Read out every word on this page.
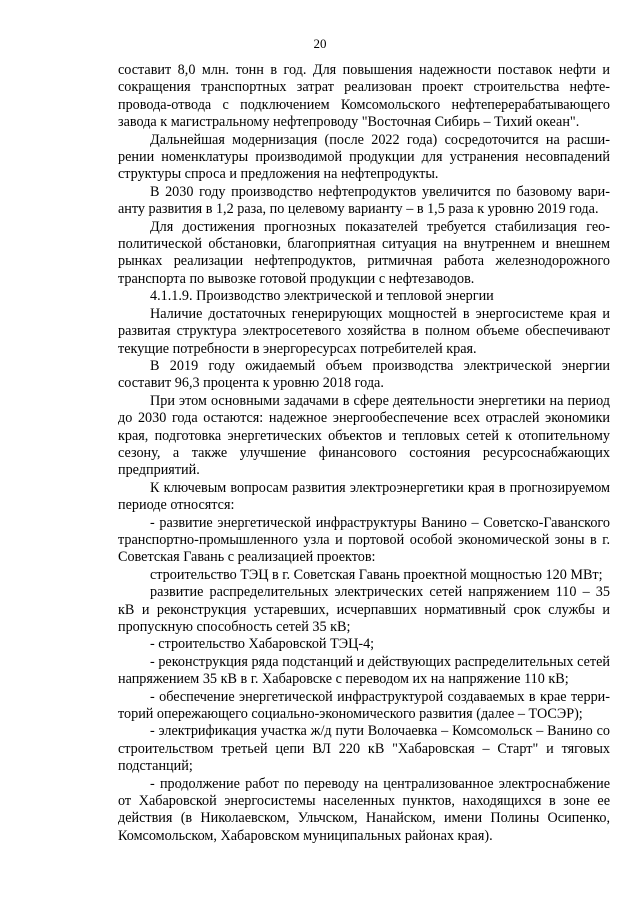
20

составит 8,0 млн. тонн в год. Для повышения надежности поставок нефти и сокращения транспортных затрат реализован проект строительства нефтепровода-отвода с подключением Комсомольского нефтеперерабатывающего завода к магистральному нефтепроводу "Восточная Сибирь – Тихий океан".

Дальнейшая модернизация (после 2022 года) сосредоточится на расширении номенклатуры производимой продукции для устранения несовпадений структуры спроса и предложения на нефтепродукты.

В 2030 году производство нефтепродуктов увеличится по базовому варианту развития в 1,2 раза, по целевому варианту – в 1,5 раза к уровню 2019 года.

Для достижения прогнозных показателей требуется стабилизация геополитической обстановки, благоприятная ситуация на внутреннем и внешнем рынках реализации нефтепродуктов, ритмичная работа железнодорожного транспорта по вывозке готовой продукции с нефтезаводов.

4.1.1.9. Производство электрической и тепловой энергии

Наличие достаточных генерирующих мощностей в энергосистеме края и развитая структура электросетевого хозяйства в полном объеме обеспечивают текущие потребности в энергоресурсах потребителей края.

В 2019 году ожидаемый объем производства электрической энергии составит 96,3 процента к уровню 2018 года.

При этом основными задачами в сфере деятельности энергетики на период до 2030 года остаются: надежное энергообеспечение всех отраслей экономики края, подготовка энергетических объектов и тепловых сетей к отопительному сезону, а также улучшение финансового состояния ресурсоснабжающих предприятий.

К ключевым вопросам развития электроэнергетики края в прогнозируемом периоде относятся:

- развитие энергетической инфраструктуры Ванино – Советско-Гаванского транспортно-промышленного узла и портовой особой экономической зоны в г. Советская Гавань с реализацией проектов:

строительство ТЭЦ в г. Советская Гавань проектной мощностью 120 МВт;

развитие распределительных электрических сетей напряжением 110 – 35 кВ и реконструкция устаревших, исчерпавших нормативный срок службы и пропускную способность сетей 35 кВ;

- строительство Хабаровской ТЭЦ-4;

- реконструкция ряда подстанций и действующих распределительных сетей напряжением 35 кВ в г. Хабаровске с переводом их на напряжение 110 кВ;

- обеспечение энергетической инфраструктурой создаваемых в крае территорий опережающего социально-экономического развития (далее – ТОСЭР);

- электрификация участка ж/д пути Волочаевка – Комсомольск – Ванино со строительством третьей цепи ВЛ 220 кВ "Хабаровская – Старт" и тяговых подстанций;

- продолжение работ по переводу на централизованное электроснабжение от Хабаровской энергосистемы населенных пунктов, находящихся в зоне ее действия (в Николаевском, Ульчском, Нанайском, имени Полины Осипенко, Комсомольском, Хабаровском муниципальных районах края).
